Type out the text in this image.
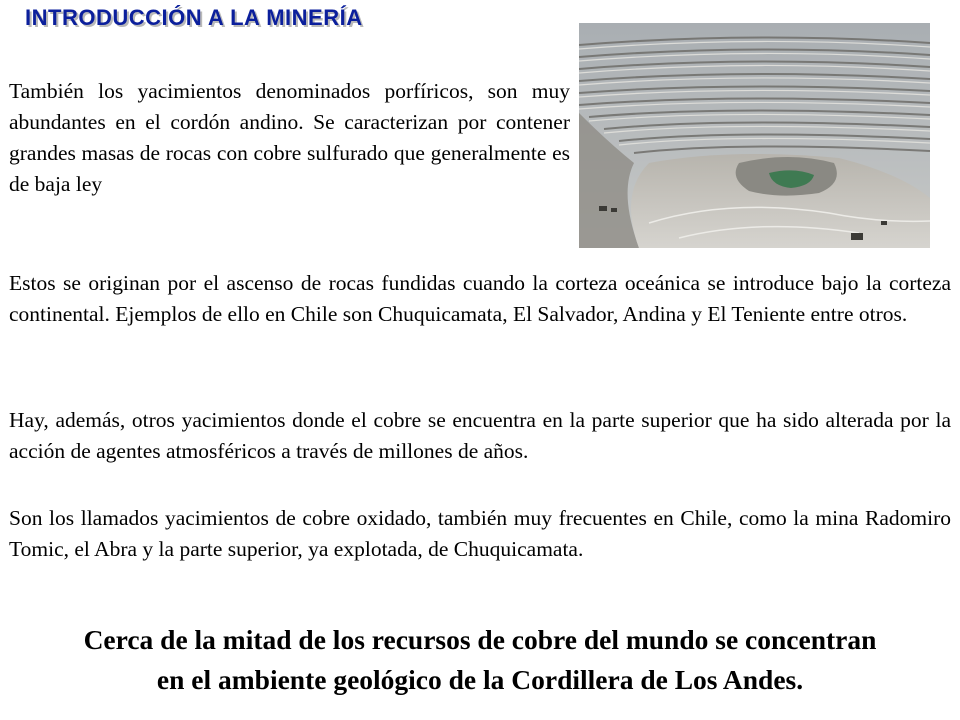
INTRODUCCIÓN A LA MINERÍA

También los yacimientos denominados porfíricos, son muy abundantes en el cordón andino. Se caracterizan por contener grandes masas de rocas con cobre sulfurado que generalmente es de baja ley

Estos se originan por el ascenso de rocas fundidas cuando la corteza oceánica se introduce bajo la corteza continental. Ejemplos de ello en Chile son Chuquicamata, El Salvador, Andina y El Teniente entre otros.

Hay, además, otros yacimientos donde el cobre se encuentra en la parte superior que ha sido alterada por la acción de agentes atmosféricos a través de millones de años.

Son los llamados yacimientos de cobre oxidado, también muy frecuentes en Chile, como la mina Radomiro Tomic, el Abra y la parte superior, ya explotada, de Chuquicamata.

Cerca de la mitad de los recursos de cobre del mundo se concentran
en el ambiente geológico de la Cordillera de Los Andes.
